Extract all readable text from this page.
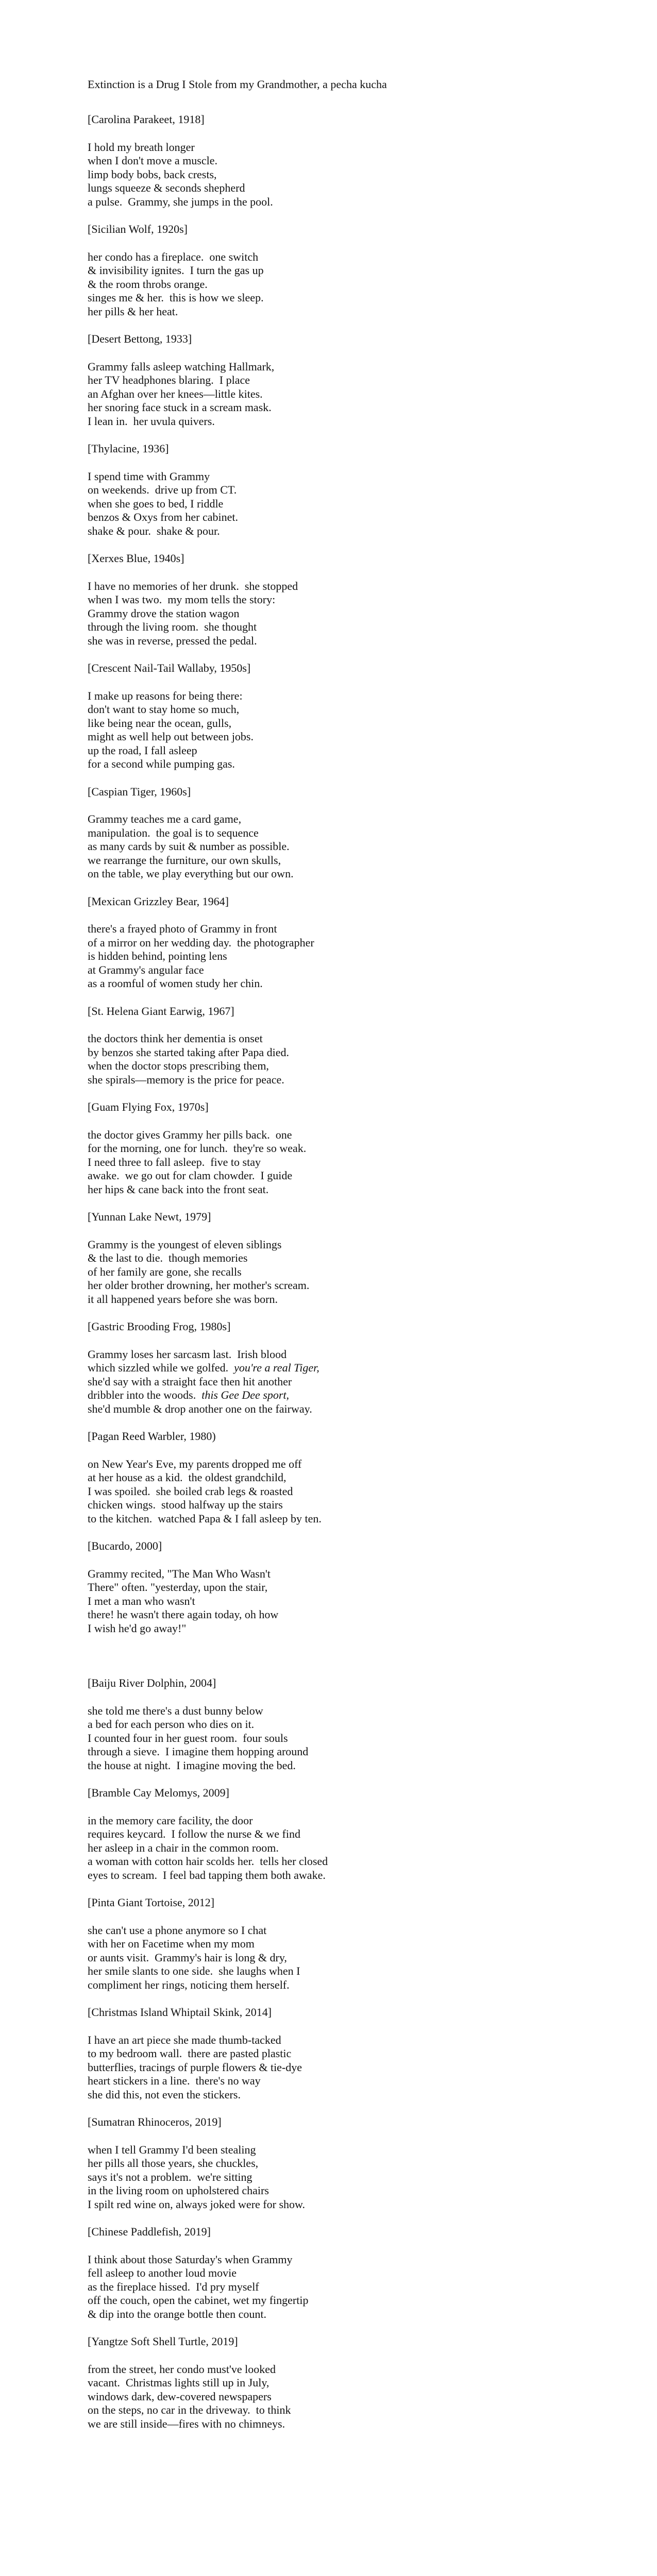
Extinction is a Drug I Stole from my Grandmother, a pecha kucha
[Carolina Parakeet, 1918]
I hold my breath longer
when I don't move a muscle.
limp body bobs, back crests,
lungs squeeze & seconds shepherd
a pulse.  Grammy, she jumps in the pool.
[Sicilian Wolf, 1920s]
her condo has a fireplace.  one switch
& invisibility ignites.  I turn the gas up
& the room throbs orange.
singes me & her.  this is how we sleep.
her pills & her heat.
[Desert Bettong, 1933]
Grammy falls asleep watching Hallmark,
her TV headphones blaring.  I place
an Afghan over her knees—little kites.
her snoring face stuck in a scream mask.
I lean in.  her uvula quivers.
[Thylacine, 1936]
I spend time with Grammy
on weekends.  drive up from CT.
when she goes to bed, I riddle
benzos & Oxys from her cabinet.
shake & pour.  shake & pour.
[Xerxes Blue, 1940s]
I have no memories of her drunk.  she stopped
when I was two.  my mom tells the story:
Grammy drove the station wagon
through the living room.  she thought
she was in reverse, pressed the pedal.
[Crescent Nail-Tail Wallaby, 1950s]
I make up reasons for being there:
don't want to stay home so much,
like being near the ocean, gulls,
might as well help out between jobs.
up the road, I fall asleep
for a second while pumping gas.
[Caspian Tiger, 1960s]
Grammy teaches me a card game,
manipulation.  the goal is to sequence
as many cards by suit & number as possible.
we rearrange the furniture, our own skulls,
on the table, we play everything but our own.
[Mexican Grizzley Bear, 1964]
there's a frayed photo of Grammy in front
of a mirror on her wedding day.  the photographer
is hidden behind, pointing lens
at Grammy's angular face
as a roomful of women study her chin.
[St. Helena Giant Earwig, 1967]
the doctors think her dementia is onset
by benzos she started taking after Papa died.
when the doctor stops prescribing them,
she spirals—memory is the price for peace.
[Guam Flying Fox, 1970s]
the doctor gives Grammy her pills back.  one
for the morning, one for lunch.  they're so weak.
I need three to fall asleep.  five to stay
awake.  we go out for clam chowder.  I guide
her hips & cane back into the front seat.
[Yunnan Lake Newt, 1979]
Grammy is the youngest of eleven siblings
& the last to die.  though memories
of her family are gone, she recalls
her older brother drowning, her mother's scream.
it all happened years before she was born.
[Gastric Brooding Frog, 1980s]
Grammy loses her sarcasm last.  Irish blood
which sizzled while we golfed.  you're a real Tiger,
she'd say with a straight face then hit another
dribbler into the woods.  this Gee Dee sport,
she'd mumble & drop another one on the fairway.
[Pagan Reed Warbler, 1980)
on New Year's Eve, my parents dropped me off
at her house as a kid.  the oldest grandchild,
I was spoiled.  she boiled crab legs & roasted
chicken wings.  stood halfway up the stairs
to the kitchen.  watched Papa & I fall asleep by ten.
[Bucardo, 2000]
Grammy recited, "The Man Who Wasn't
There" often. "yesterday, upon the stair,
I met a man who wasn't
there! he wasn't there again today, oh how
I wish he'd go away!"
[Baiju River Dolphin, 2004]
she told me there's a dust bunny below
a bed for each person who dies on it.
I counted four in her guest room.  four souls
through a sieve.  I imagine them hopping around
the house at night.  I imagine moving the bed.
[Bramble Cay Melomys, 2009]
in the memory care facility, the door
requires keycard.  I follow the nurse & we find
her asleep in a chair in the common room.
a woman with cotton hair scolds her.  tells her closed
eyes to scream.  I feel bad tapping them both awake.
[Pinta Giant Tortoise, 2012]
she can't use a phone anymore so I chat
with her on Facetime when my mom
or aunts visit.  Grammy's hair is long & dry,
her smile slants to one side.  she laughs when I
compliment her rings, noticing them herself.
[Christmas Island Whiptail Skink, 2014]
I have an art piece she made thumb-tacked
to my bedroom wall.  there are pasted plastic
butterflies, tracings of purple flowers & tie-dye
heart stickers in a line.  there's no way
she did this, not even the stickers.
[Sumatran Rhinoceros, 2019]
when I tell Grammy I'd been stealing
her pills all those years, she chuckles,
says it's not a problem.  we're sitting
in the living room on upholstered chairs
I spilt red wine on, always joked were for show.
[Chinese Paddlefish, 2019]
I think about those Saturday's when Grammy
fell asleep to another loud movie
as the fireplace hissed.  I'd pry myself
off the couch, open the cabinet, wet my fingertip
& dip into the orange bottle then count.
[Yangtze Soft Shell Turtle, 2019]
from the street, her condo must've looked
vacant.  Christmas lights still up in July,
windows dark, dew-covered newspapers
on the steps, no car in the driveway.  to think
we are still inside—fires with no chimneys.
